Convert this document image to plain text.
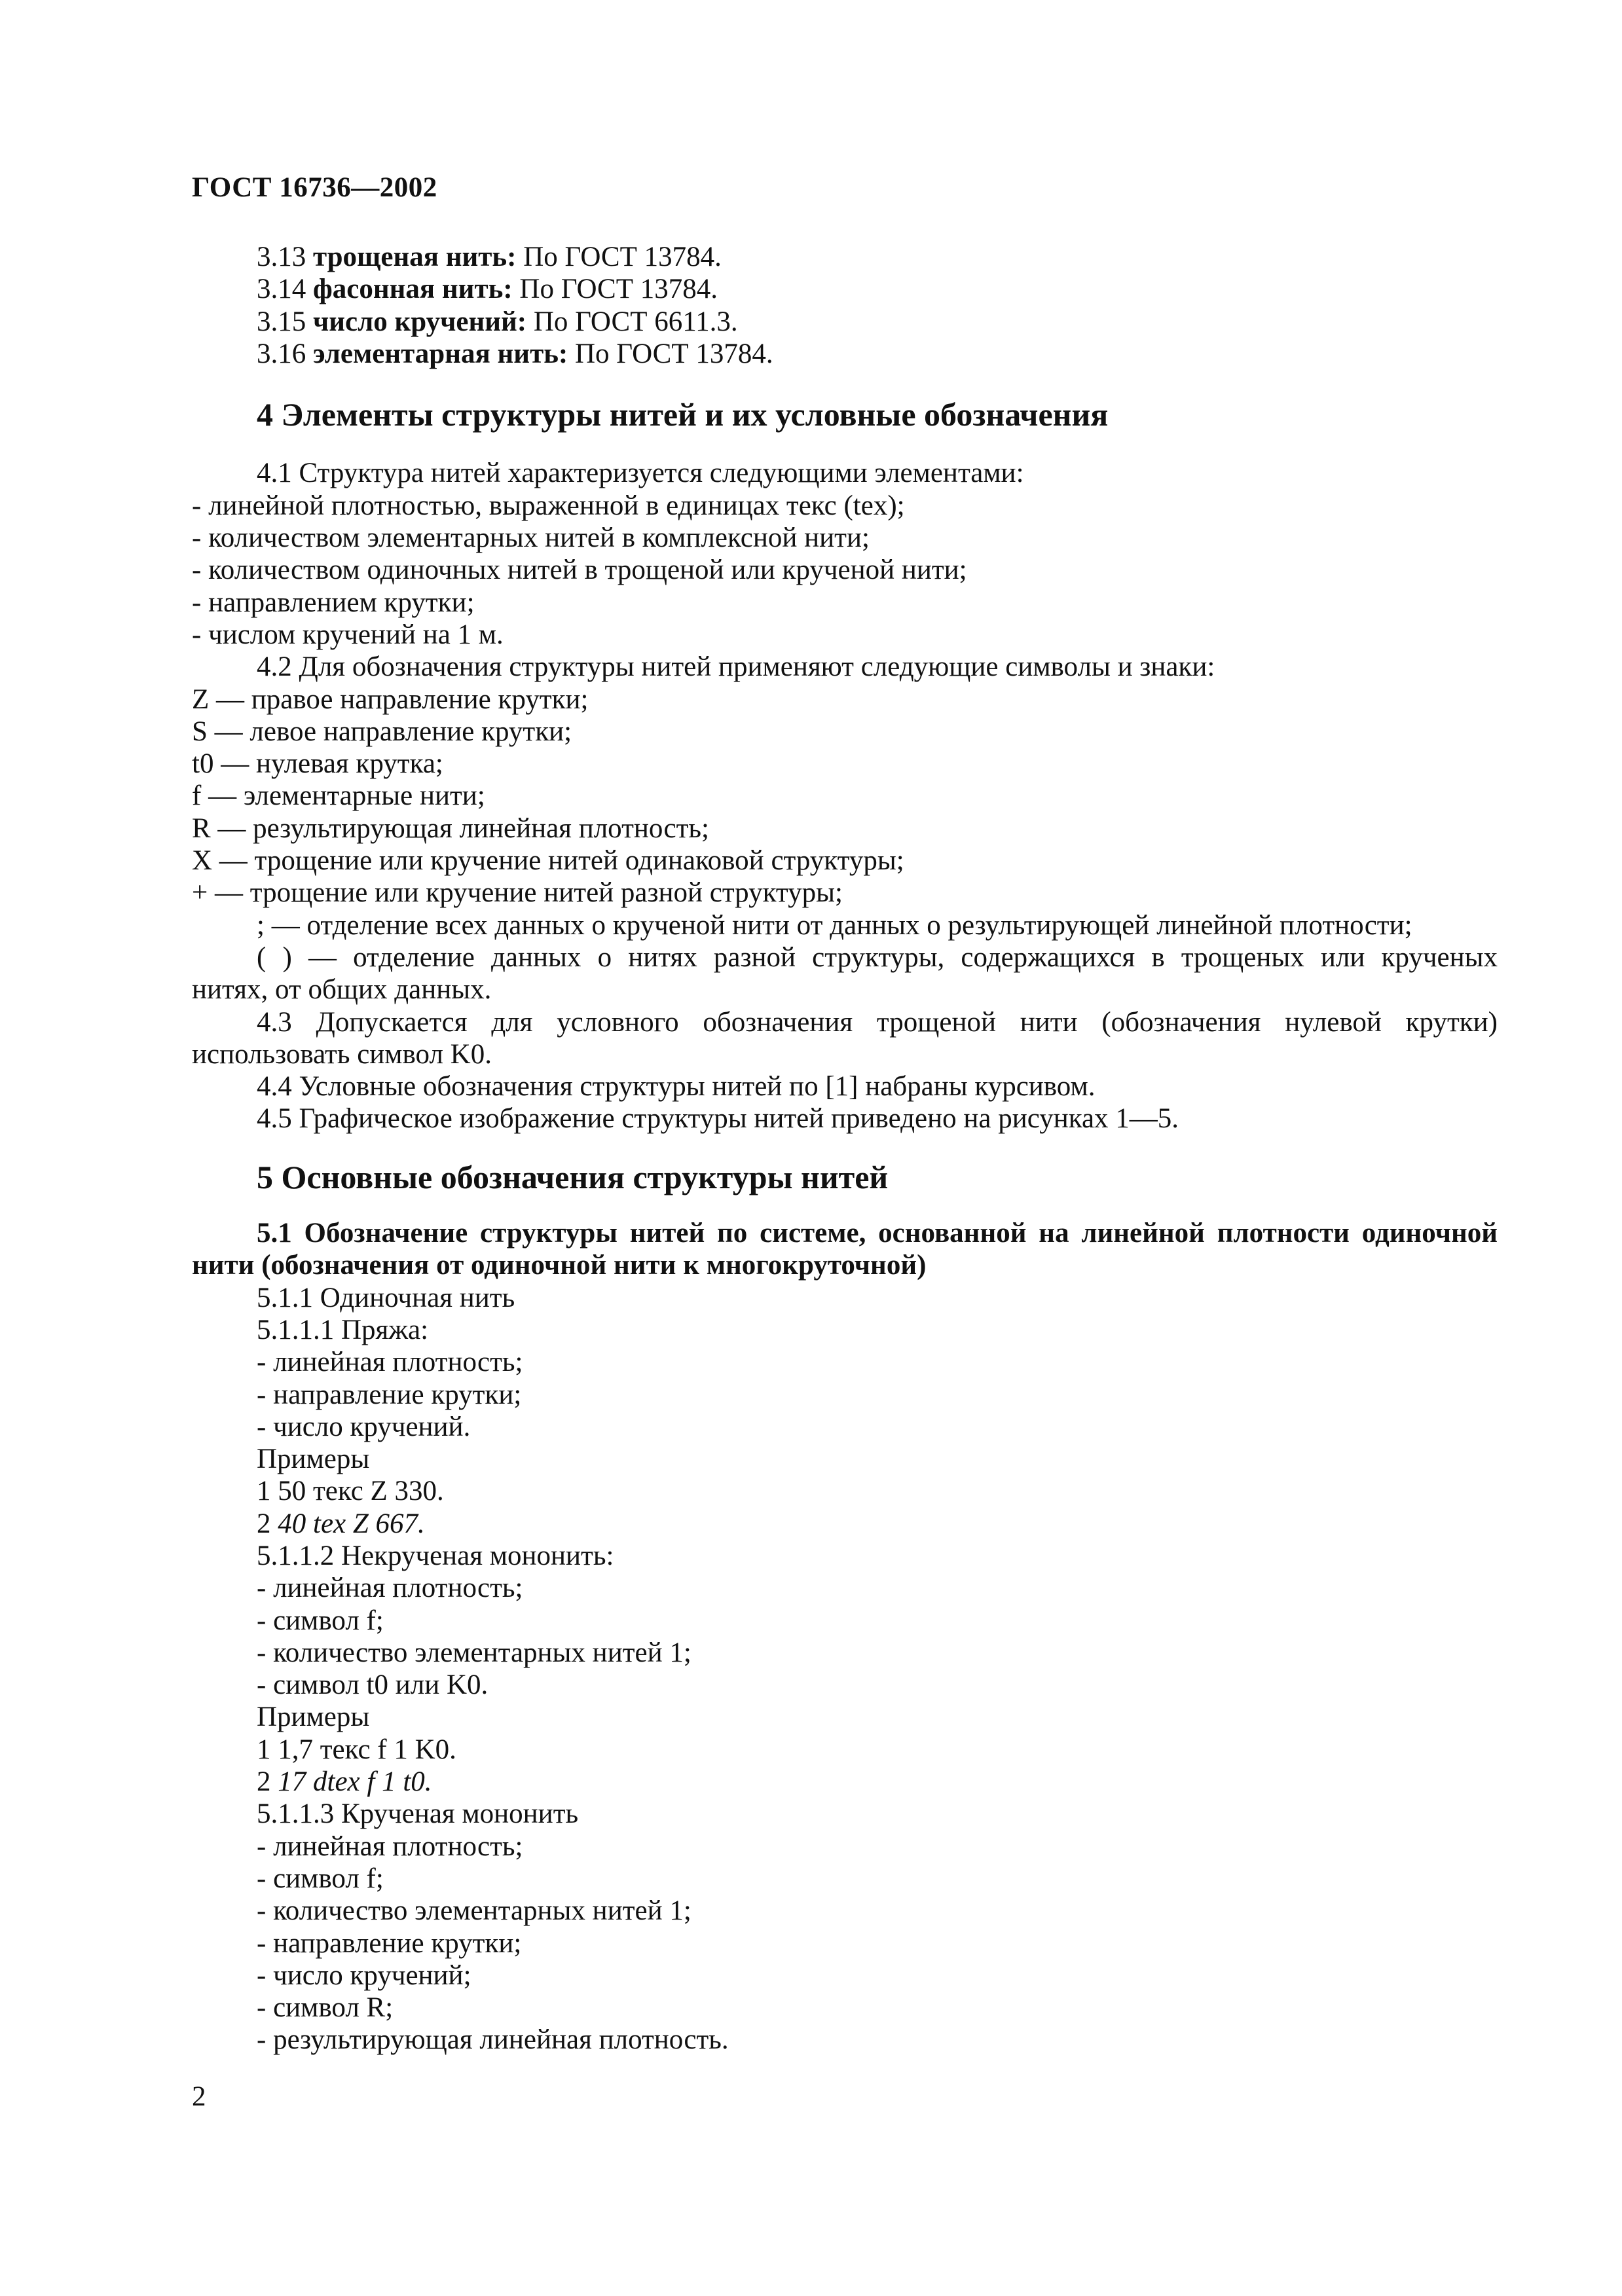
ГОСТ 16736—2002

3.13 трощеная нить: По ГОСТ 13784.

3.14 фасонная нить: По ГОСТ 13784.

3.15 число кручений: По ГОСТ 6611.3.

3.16 элементарная нить: По ГОСТ 13784.

4 Элементы структуры нитей и их условные обозначения

4.1 Структура нитей характеризуется следующими элементами:

- линейной плотностью, выраженной в единицах текс (tex);

- количеством элементарных нитей в комплексной нити;

- количеством одиночных нитей в трощеной или крученой нити;

- направлением крутки;

- числом кручений на 1 м.

4.2 Для обозначения структуры нитей применяют следующие символы и знаки:

Z — правое направление крутки;

S — левое направление крутки;

t0 — нулевая крутка;

f — элементарные нити;

R — результирующая линейная плотность;

X — трощение или кручение нитей одинаковой структуры;

+ — трощение или кручение нитей разной структуры;

; — отделение всех данных о крученой нити от данных о результирующей линейной плотности;

( ) — отделение данных о нитях разной структуры, содержащихся в трощеных или крученых

нитях, от общих данных.

4.3 Допускается для условного обозначения трощеной нити (обозначения нулевой крутки)

использовать символ K0.

4.4 Условные обозначения структуры нитей по [1] набраны курсивом.

4.5 Графическое изображение структуры нитей приведено на рисунках 1—5.

5 Основные обозначения структуры нитей

5.1 Обозначение структуры нитей по системе, основанной на линейной плотности одиночной

нити (обозначения от одиночной нити к многокруточной)

5.1.1 Одиночная нить

5.1.1.1 Пряжа:

- линейная плотность;

- направление крутки;

- число кручений.

Примеры

1 50 текс Z 330.

2 40 tex Z 667.

5.1.1.2 Некрученая мононить:

- линейная плотность;

- символ f;

- количество элементарных нитей 1;

- символ t0 или K0.

Примеры

1 1,7 текс f 1 K0.

2 17 dtex f 1 t0.

5.1.1.3 Крученая мононить

- линейная плотность;

- символ f;

- количество элементарных нитей 1;

- направление крутки;

- число кручений;

- символ R;

- результирующая линейная плотность.

2
